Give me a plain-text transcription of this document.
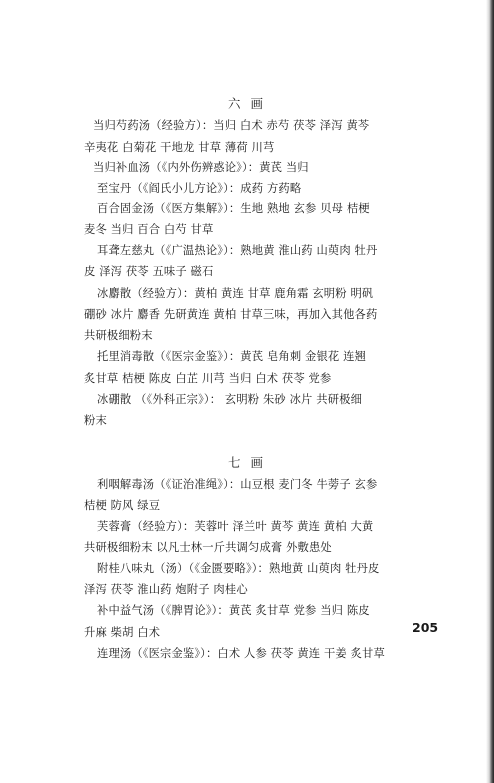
六 画
当归芍药汤（经验方）：当归 白术 赤芍 茯苓 泽泻 黄芩
辛夷花 白菊花 干地龙 甘草 薄荷 川芎
当归补血汤（《内外伤辨惑论》）：黄芪 当归
至宝丹（《阎氏小儿方论》）：成药 方药略
百合固金汤（《医方集解》）：生地 熟地 玄参 贝母 桔梗
麦冬 当归 百合 白芍 甘草
耳聋左慈丸（《广温热论》）：熟地黄 淮山药 山萸肉 牡丹
皮 泽泻 茯苓 五味子 磁石
冰麝散（经验方）：黄柏 黄连 甘草 鹿角霜 玄明粉 明矾
硼砂 冰片 麝香 先研黄连 黄柏 甘草三味，再加入其他各药
共研极细粉末
托里消毒散（《医宗金鉴》）：黄芪 皂角刺 金银花 连翘
炙甘草 桔梗 陈皮 白芷 川芎 当归 白术 茯苓 党参
冰硼散 （《外科正宗》）： 玄明粉 朱砂 冰片 共研极细
粉末
七 画
利咽解毒汤（《证治准绳》）：山豆根 麦门冬 牛蒡子 玄参
桔梗 防风 绿豆
芙蓉膏（经验方）：芙蓉叶 泽兰叶 黄芩 黄连 黄柏 大黄
共研极细粉末 以凡士林一斤共调匀成膏 外敷患处
附桂八味丸（汤）（《金匮要略》）：熟地黄 山萸肉 牡丹皮
泽泻 茯苓 淮山药 炮附子 肉桂心
补中益气汤（《脾胃论》）：黄芪 炙甘草 党参 当归 陈皮
升麻 柴胡 白术
连理汤（《医宗金鉴》）：白术 人参 茯苓 黄连 干姜 炙甘草
205
